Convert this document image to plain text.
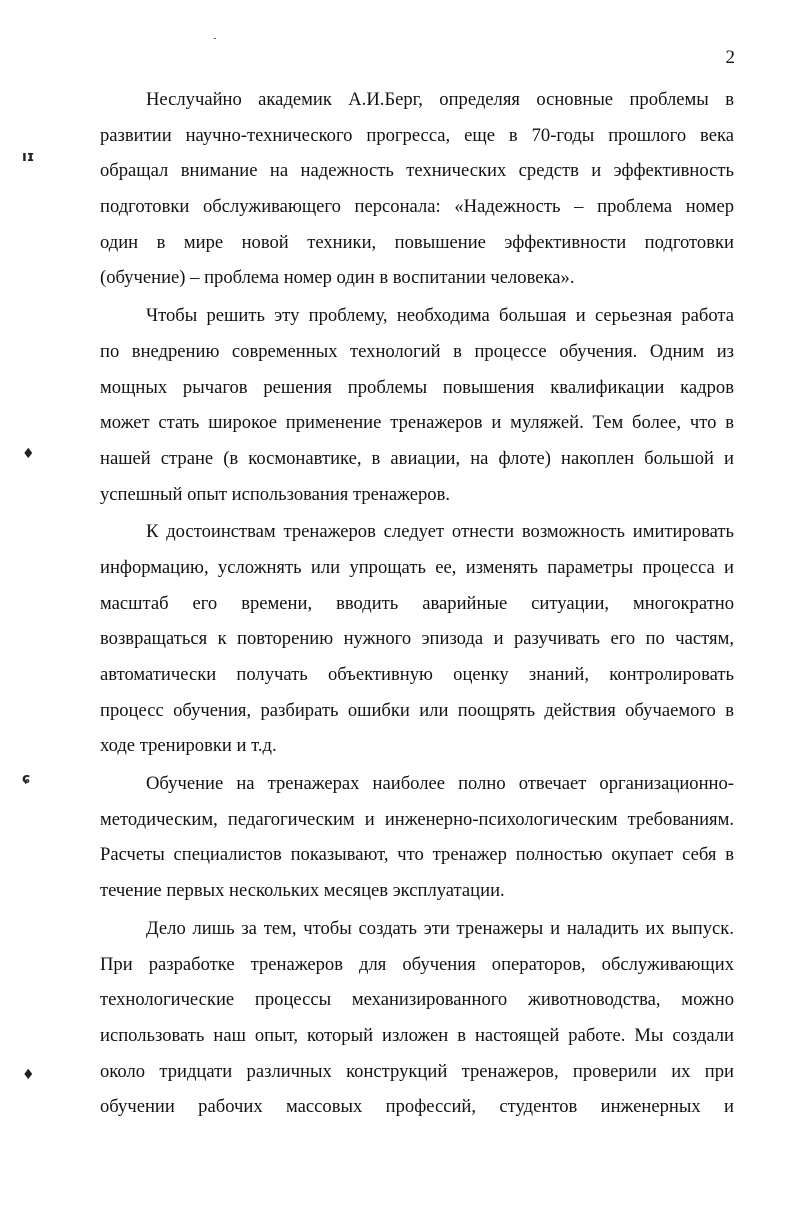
2
ıɪ
♦
ɕ
♦
Неслучайно академик А.И.Берг, определяя основные проблемы в
развитии научно-технического прогресса, еще в 70-годы прошлого века
обращал внимание на надежность технических средств и эффективность
подготовки обслуживающего персонала: «Надежность – проблема номер
один в мире новой техники, повышение эффективности подготовки
(обучение) – проблема номер один в воспитании человека».
Чтобы решить эту проблему, необходима большая и серьезная работа
по внедрению современных технологий в процессе обучения. Одним из
мощных рычагов решения проблемы повышения квалификации кадров
может стать широкое применение тренажеров и муляжей. Тем более, что в
нашей стране (в космонавтике, в авиации, на флоте) накоплен большой и
успешный опыт использования тренажеров.
К достоинствам тренажеров следует отнести возможность имитировать
информацию, усложнять или упрощать ее, изменять параметры процесса и
масштаб его времени, вводить аварийные ситуации, многократно
возвращаться к повторению нужного эпизода и разучивать его по частям,
автоматически получать объективную оценку знаний, контролировать
процесс обучения, разбирать ошибки или поощрять действия обучаемого в
ходе тренировки и т.д.
Обучение на тренажерах наиболее полно отвечает организационно-
методическим, педагогическим и инженерно-психологическим требованиям.
Расчеты специалистов показывают, что тренажер полностью окупает себя в
течение первых нескольких месяцев эксплуатации.
Дело лишь за тем, чтобы создать эти тренажеры и наладить их выпуск.
При разработке тренажеров для обучения операторов, обслуживающих
технологические процессы механизированного животноводства, можно
использовать наш опыт, который изложен в настоящей работе. Мы создали
около тридцати различных конструкций тренажеров, проверили их при
обучении рабочих массовых профессий, студентов инженерных и
